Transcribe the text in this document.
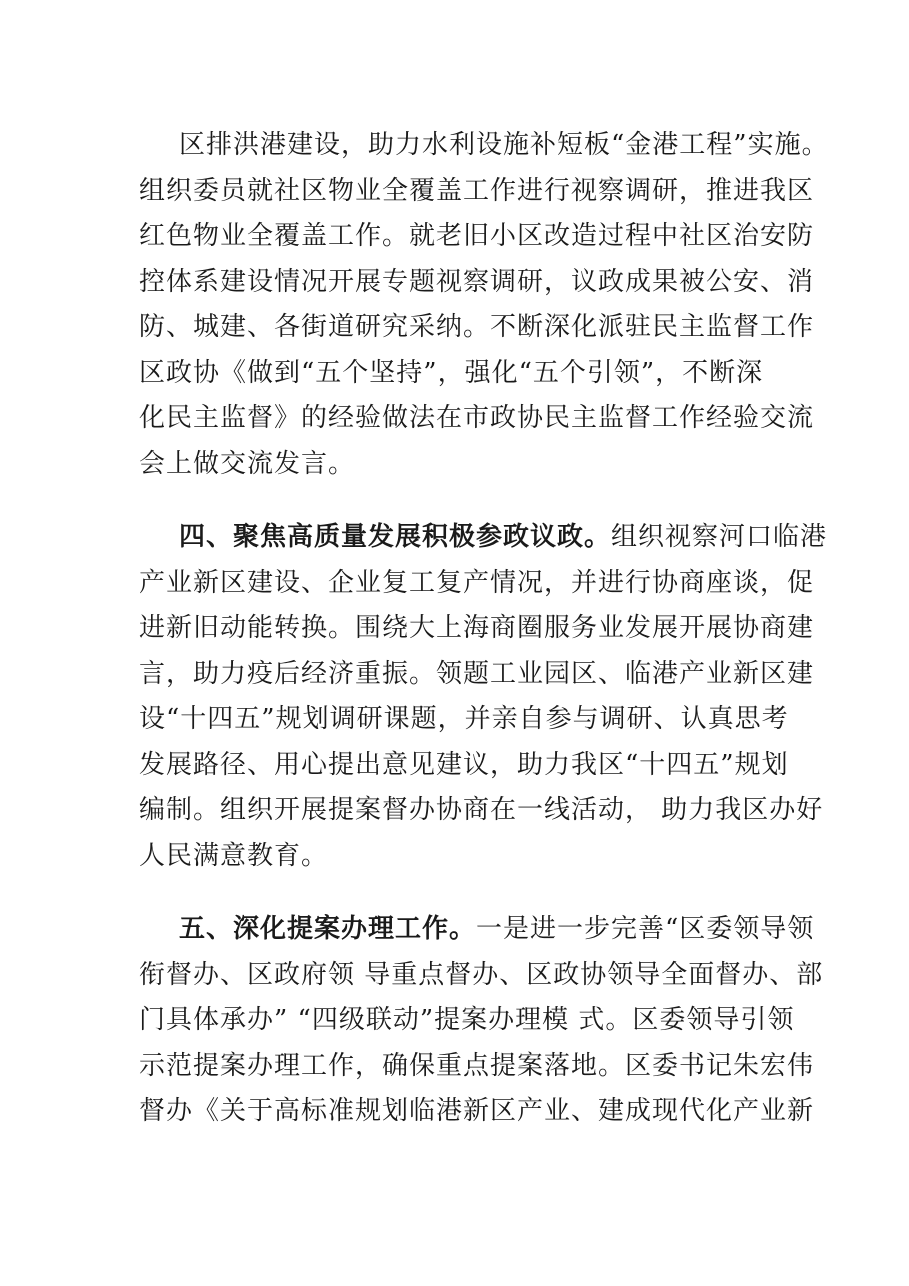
区排洪港建设，助力水利设施补短板“金港工程”实施。
组织委员就社区物业全覆盖工作进行视察调研，推进我区
红色物业全覆盖工作。就老旧小区改造过程中社区治安防
控体系建设情况开展专题视察调研，议政成果被公安、消
防、城建、各街道研究采纳。不断深化派驻民主监督工作
区政协《做到“五个坚持”，强化“五个引领”，不断深
化民主监督》的经验做法在市政协民主监督工作经验交流
会上做交流发言。
四、聚焦高质量发展积极参政议政。组织视察河口临港
产业新区建设、企业复工复产情况，并进行协商座谈，促
进新旧动能转换。围绕大上海商圈服务业发展开展协商建
言，助力疫后经济重振。领题工业园区、临港产业新区建
设“十四五”规划调研课题，并亲自参与调研、认真思考
发展路径、用心提出意见建议，助力我区“十四五”规划
编制。组织开展提案督办协商在一线活动， 助力我区办好
人民满意教育。
五、深化提案办理工作。一是进一步完善“区委领导领
衔督办、区政府领 导重点督办、区政协领导全面督办、部
门具体承办” “四级联动”提案办理模 式。区委领导引领
示范提案办理工作，确保重点提案落地。区委书记朱宏伟
督办《关于高标准规划临港新区产业、建成现代化产业新
